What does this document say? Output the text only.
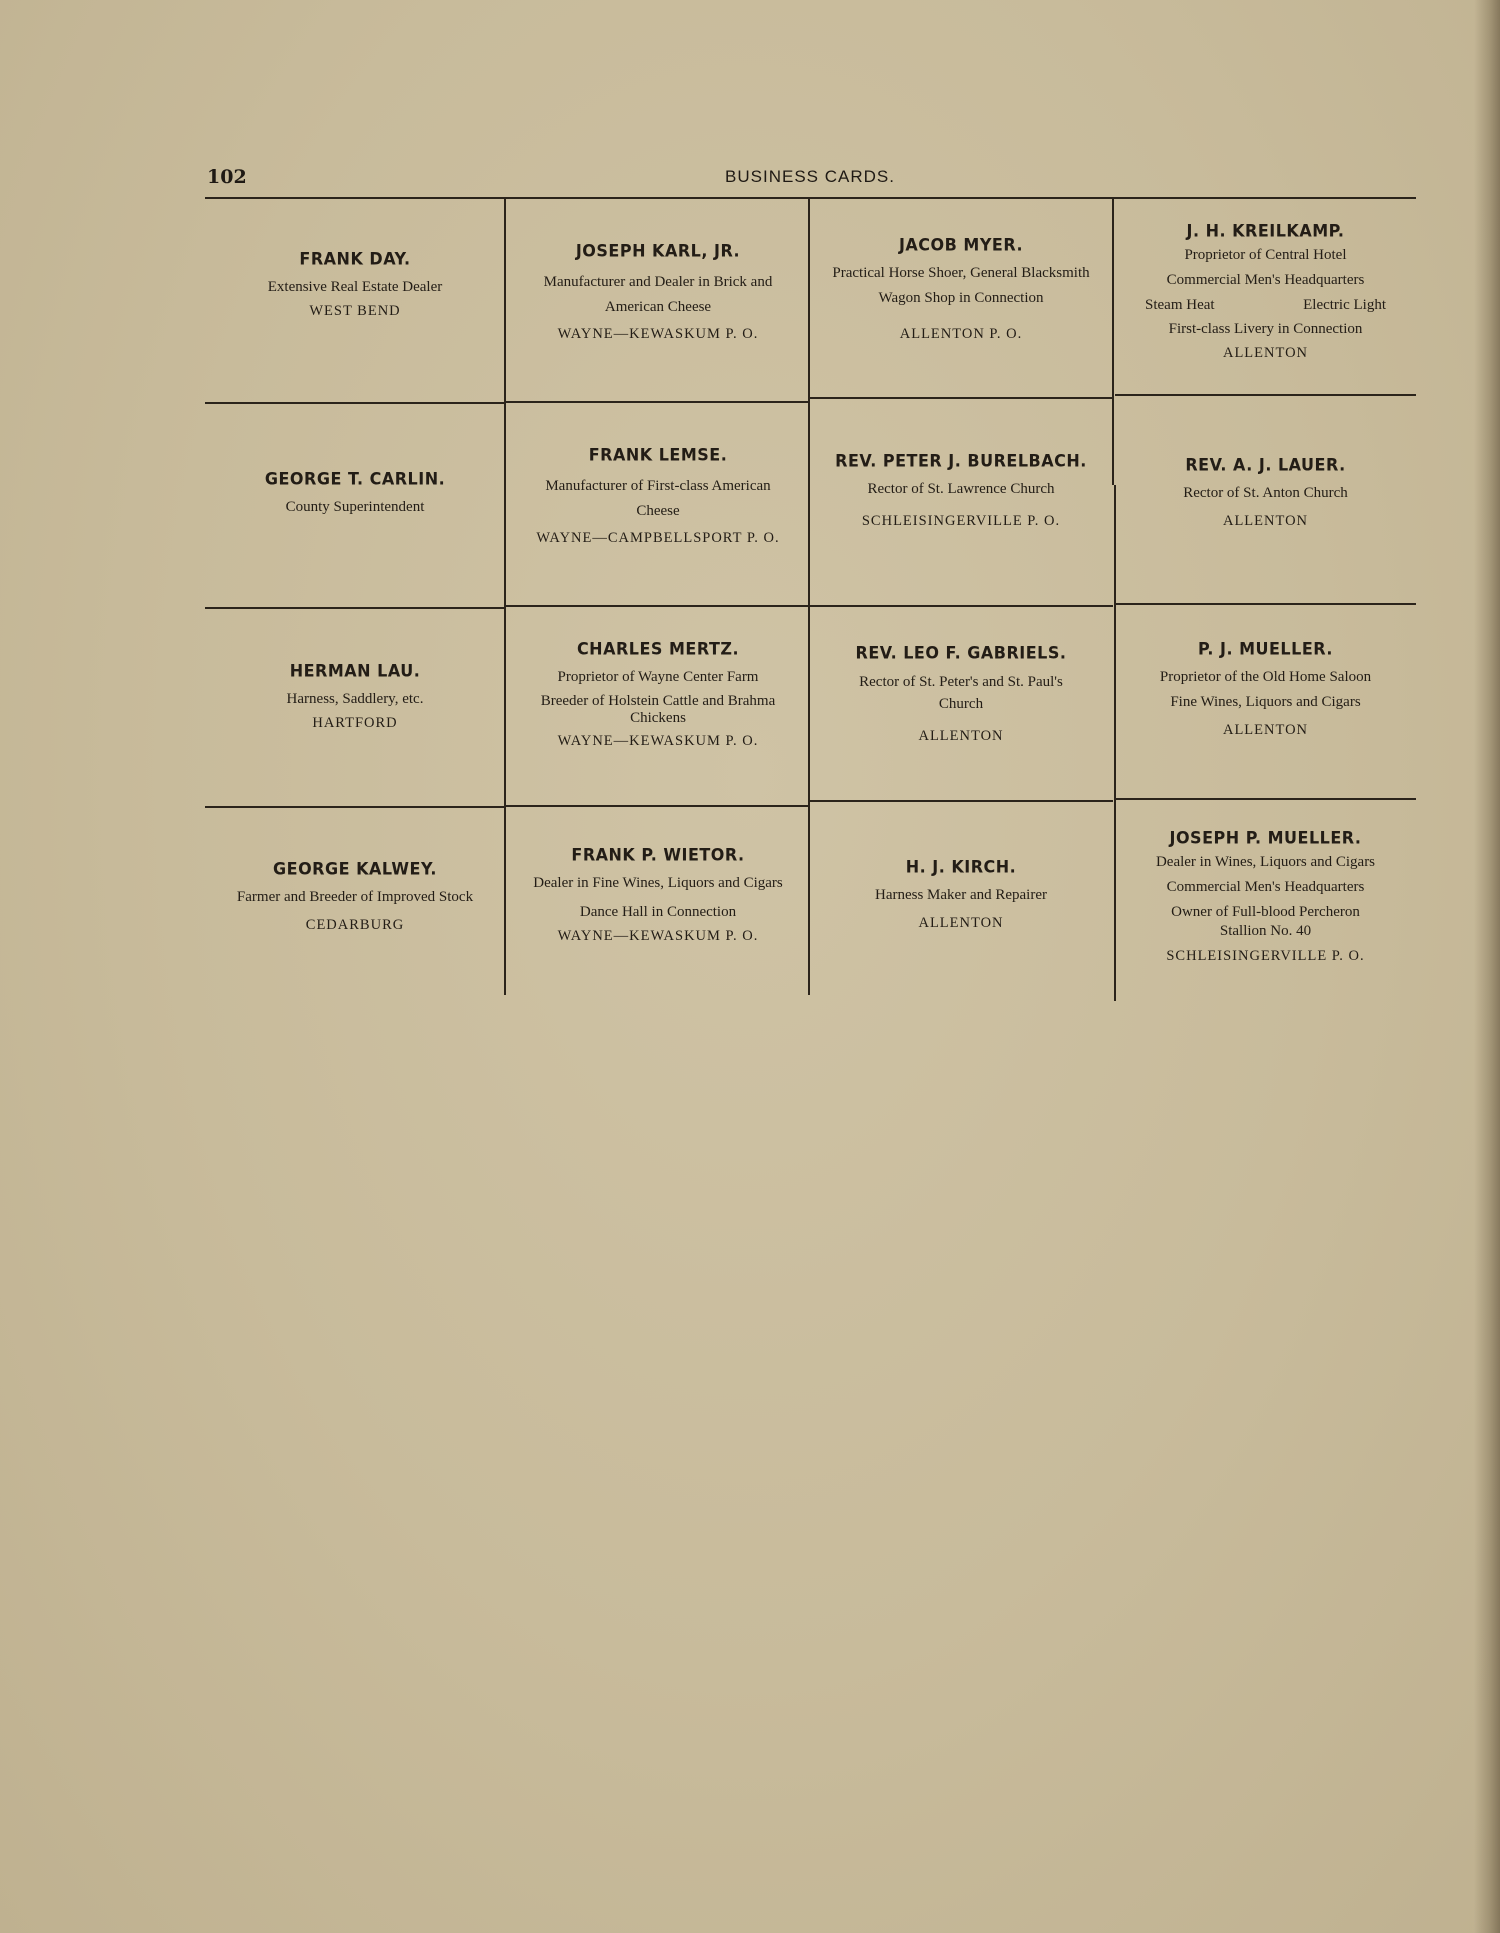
102	BUSINESS CARDS.
FRANK DAY.
Extensive Real Estate Dealer
WEST BEND
JOSEPH KARL, JR.
Manufacturer and Dealer in Brick and American Cheese
WAYNE—KEWASKUM P. O.
JACOB MYER.
Practical Horse Shoer, General Blacksmith
Wagon Shop in Connection
ALLENTON P. O.
J. H. KREILKAMP.
Proprietor of Central Hotel
Commercial Men's Headquarters
Steam Heat	Electric Light
First-class Livery in Connection
ALLENTON
GEORGE T. CARLIN.
County Superintendent
FRANK LEMSE.
Manufacturer of First-class American Cheese
WAYNE—CAMPBELLSPORT P. O.
REV. PETER J. BURELBACH.
Rector of St. Lawrence Church
SCHLEISINGERVILLE P. O.
REV. A. J. LAUER.
Rector of St. Anton Church
ALLENTON
HERMAN LAU.
Harness, Saddlery, etc.
HARTFORD
CHARLES MERTZ.
Proprietor of Wayne Center Farm
Breeder of Holstein Cattle and Brahma Chickens
WAYNE—KEWASKUM P. O.
REV. LEO F. GABRIELS.
Rector of St. Peter's and St. Paul's Church
ALLENTON
P. J. MUELLER.
Proprietor of the Old Home Saloon
Fine Wines, Liquors and Cigars
ALLENTON
GEORGE KALWEY.
Farmer and Breeder of Improved Stock
CEDARBURG
FRANK P. WIETOR.
Dealer in Fine Wines, Liquors and Cigars
Dance Hall in Connection
WAYNE—KEWASKUM P. O.
H. J. KIRCH.
Harness Maker and Repairer
ALLENTON
JOSEPH P. MUELLER.
Dealer in Wines, Liquors and Cigars
Commercial Men's Headquarters
Owner of Full-blood Percheron Stallion No. 40
SCHLEISINGERVILLE P. O.
